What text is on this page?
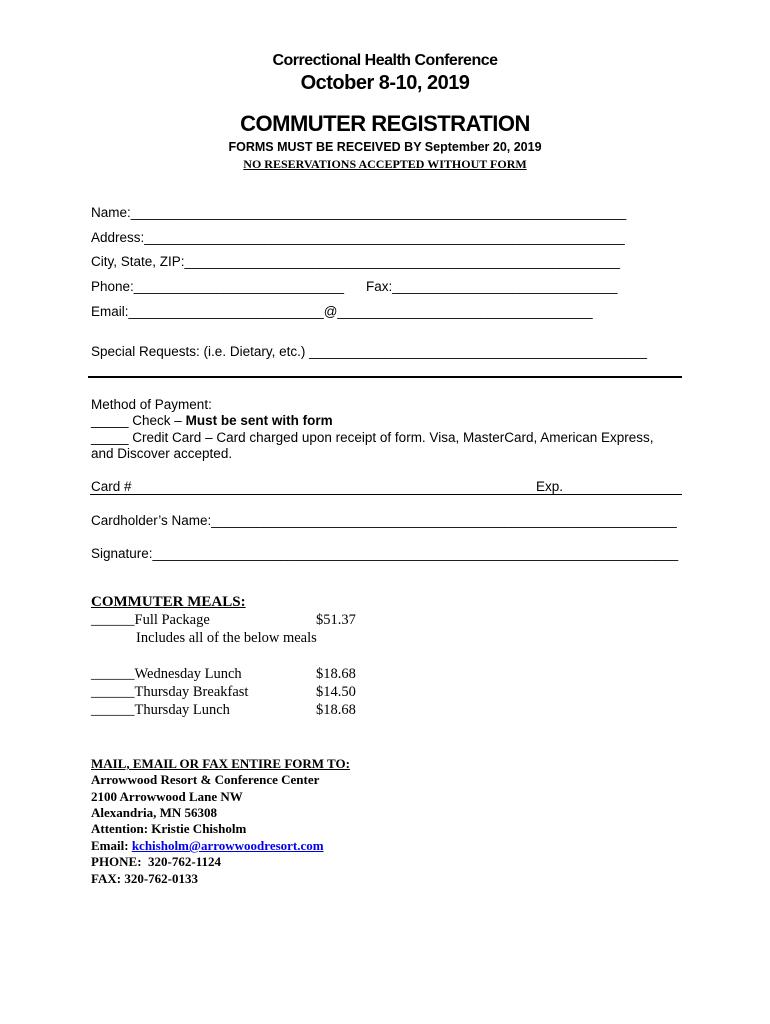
Correctional Health Conference
October 8-10, 2019
COMMUTER REGISTRATION
FORMS MUST BE RECEIVED BY September 20, 2019
NO RESERVATIONS ACCEPTED WITHOUT FORM
Name:__________________________________________________________________
Address:________________________________________________________________
City, State, ZIP:__________________________________________________________
Phone:____________________________ Fax:______________________________
Email:__________________________@__________________________________
Special Requests: (i.e. Dietary, etc.) _____________________________________________
Method of Payment:
_____ Check – Must be sent with form
_____ Credit Card – Card charged upon receipt of form. Visa, MasterCard, American Express,
and Discover accepted.
Card #	Exp.
Cardholder’s Name:______________________________________________________________
Signature:______________________________________________________________________
COMMUTER MEALS:
______Full Package	$51.37
Includes all of the below meals
______Wednesday Lunch	$18.68
______Thursday Breakfast	$14.50
______Thursday Lunch	$18.68
MAIL, EMAIL OR FAX ENTIRE FORM TO:
Arrowwood Resort & Conference Center
2100 Arrowwood Lane NW
Alexandria, MN 56308
Attention: Kristie Chisholm
Email: kchisholm@arrowwoodresort.com
PHONE:  320-762-1124
FAX: 320-762-0133
